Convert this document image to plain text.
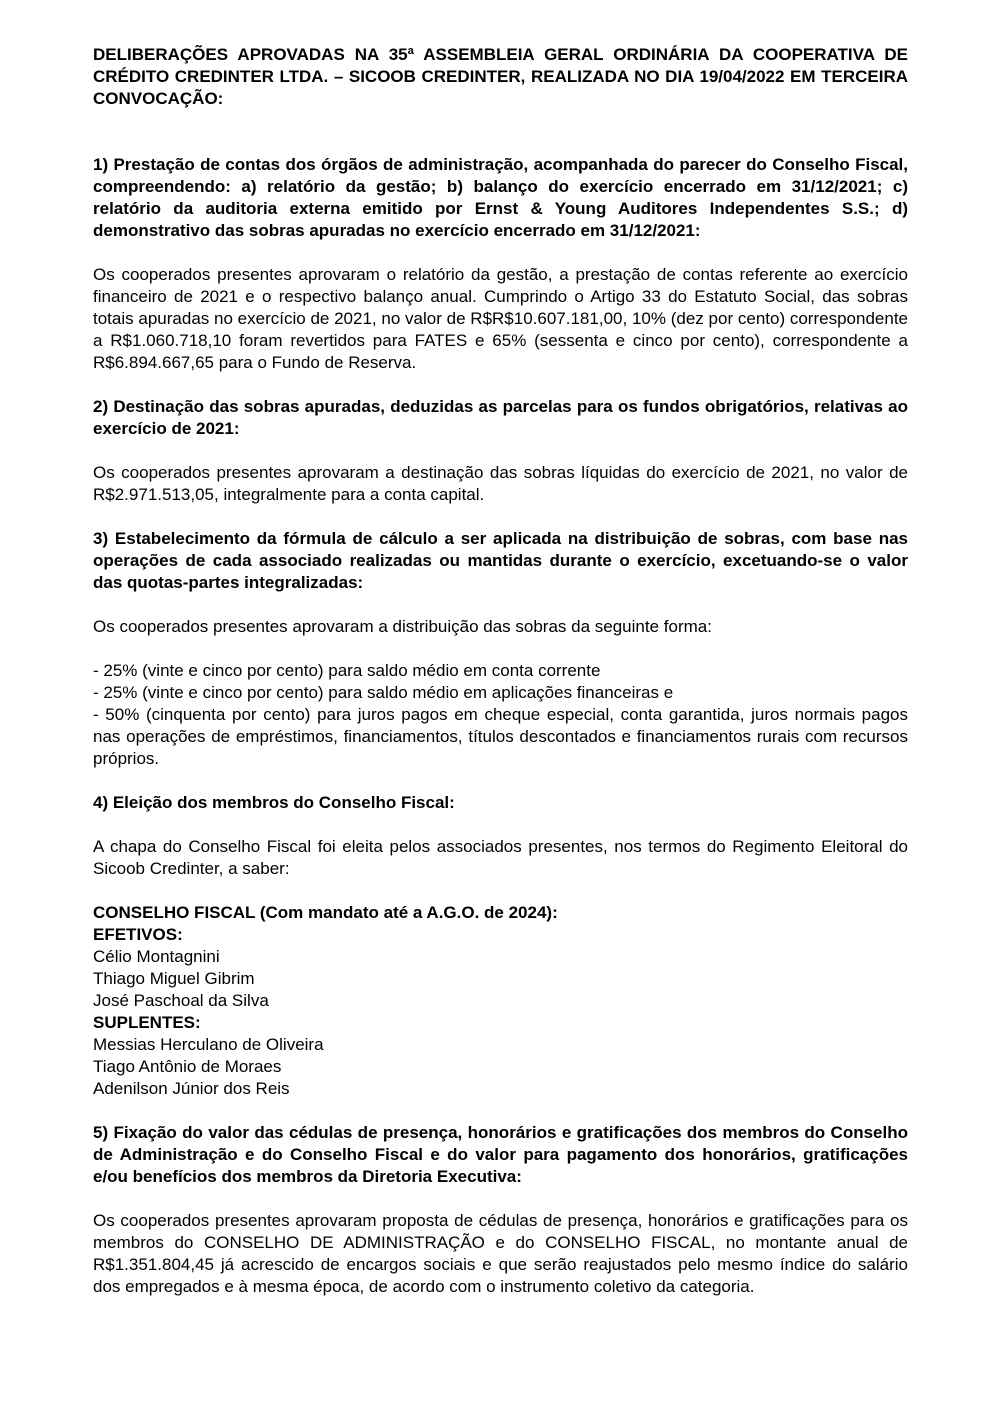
DELIBERAÇÕES APROVADAS NA 35ª ASSEMBLEIA GERAL ORDINÁRIA DA COOPERATIVA DE CRÉDITO CREDINTER LTDA. – SICOOB CREDINTER, REALIZADA NO DIA 19/04/2022 EM TERCEIRA CONVOCAÇÃO:

1) Prestação de contas dos órgãos de administração, acompanhada do parecer do Conselho Fiscal, compreendendo: a) relatório da gestão; b) balanço do exercício encerrado em 31/12/2021; c) relatório da auditoria externa emitido por Ernst & Young Auditores Independentes S.S.; d) demonstrativo das sobras apuradas no exercício encerrado em 31/12/2021:

Os cooperados presentes aprovaram o relatório da gestão, a prestação de contas referente ao exercício financeiro de 2021 e o respectivo balanço anual. Cumprindo o Artigo 33 do Estatuto Social, das sobras totais apuradas no exercício de 2021, no valor de R$R$10.607.181,00, 10% (dez por cento) correspondente a R$1.060.718,10 foram revertidos para FATES e 65% (sessenta e cinco por cento), correspondente a R$6.894.667,65 para o Fundo de Reserva.

2) Destinação das sobras apuradas, deduzidas as parcelas para os fundos obrigatórios, relativas ao exercício de 2021:

Os cooperados presentes aprovaram a destinação das sobras líquidas do exercício de 2021, no valor de R$2.971.513,05, integralmente para a conta capital.

3) Estabelecimento da fórmula de cálculo a ser aplicada na distribuição de sobras, com base nas operações de cada associado realizadas ou mantidas durante o exercício, excetuando-se o valor das quotas-partes integralizadas:

Os cooperados presentes aprovaram a distribuição das sobras da seguinte forma:

- 25% (vinte e cinco por cento) para saldo médio em conta corrente
- 25% (vinte e cinco por cento) para saldo médio em aplicações financeiras e
- 50% (cinquenta por cento) para juros pagos em cheque especial, conta garantida, juros normais pagos nas operações de empréstimos, financiamentos, títulos descontados e financiamentos rurais com recursos próprios.

4) Eleição dos membros do Conselho Fiscal:

A chapa do Conselho Fiscal foi eleita pelos associados presentes, nos termos do Regimento Eleitoral do Sicoob Credinter, a saber:

CONSELHO FISCAL (Com mandato até a A.G.O. de 2024):
EFETIVOS:
Célio Montagnini
Thiago Miguel Gibrim
José Paschoal da Silva
SUPLENTES:
Messias Herculano de Oliveira
Tiago Antônio de Moraes
Adenilson Júnior dos Reis

5) Fixação do valor das cédulas de presença, honorários e gratificações dos membros do Conselho de Administração e do Conselho Fiscal e do valor para pagamento dos honorários, gratificações e/ou benefícios dos membros da Diretoria Executiva:

Os cooperados presentes aprovaram proposta de cédulas de presença, honorários e gratificações para os membros do CONSELHO DE ADMINISTRAÇÃO e do CONSELHO FISCAL, no montante anual de R$1.351.804,45 já acrescido de encargos sociais e que serão reajustados pelo mesmo índice do salário dos empregados e à mesma época, de acordo com o instrumento coletivo da categoria.
